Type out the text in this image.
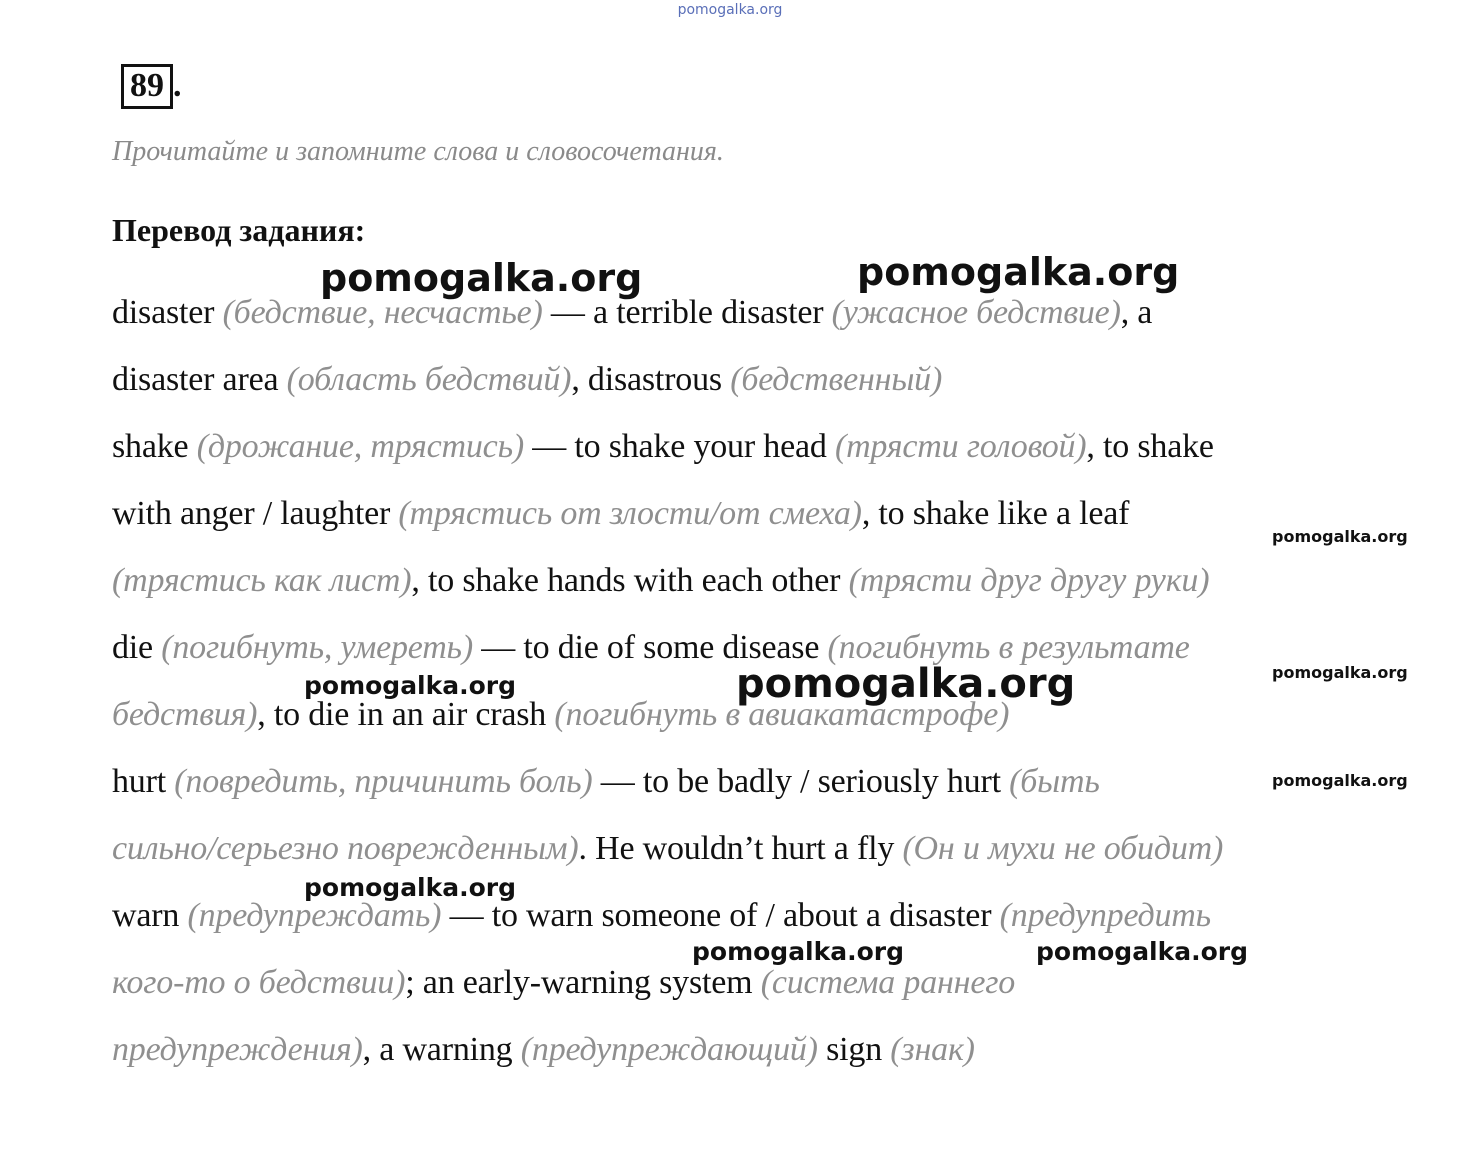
pomogalka.org
89 .
Прочитайте и запомните слова и словосочетания.
Перевод задания:
disaster (бедствие, несчастье) — a terrible disaster (ужасное бедствие), a
disaster area (область бедствий), disastrous (бедственный)
shake (дрожание, трястись) — to shake your head (трясти головой), to shake
with anger / laughter (трястись от злости/от смеха), to shake like a leaf
(трястись как лист), to shake hands with each other (трясти друг другу руки)
die (погибнуть, умереть) — to die of some disease (погибнуть в результате
бедствия), to die in an air crash (погибнуть в авиакатастрофе)
hurt (повредить, причинить боль) — to be badly / seriously hurt (быть
сильно/серьезно поврежденным). He wouldn’t hurt a fly (Он и мухи не обидит)
warn (предупреждать) — to warn someone of / about a disaster (предупредить
кого-то о бедствии); an early-warning system (система раннего
предупреждения), a warning (предупреждающий) sign (знак)
pomogalka.org	pomogalka.org
pomogalka.org
pomogalka.org	pomogalka.org	pomogalka.org
pomogalka.org
pomogalka.org
pomogalka.org	pomogalka.org
